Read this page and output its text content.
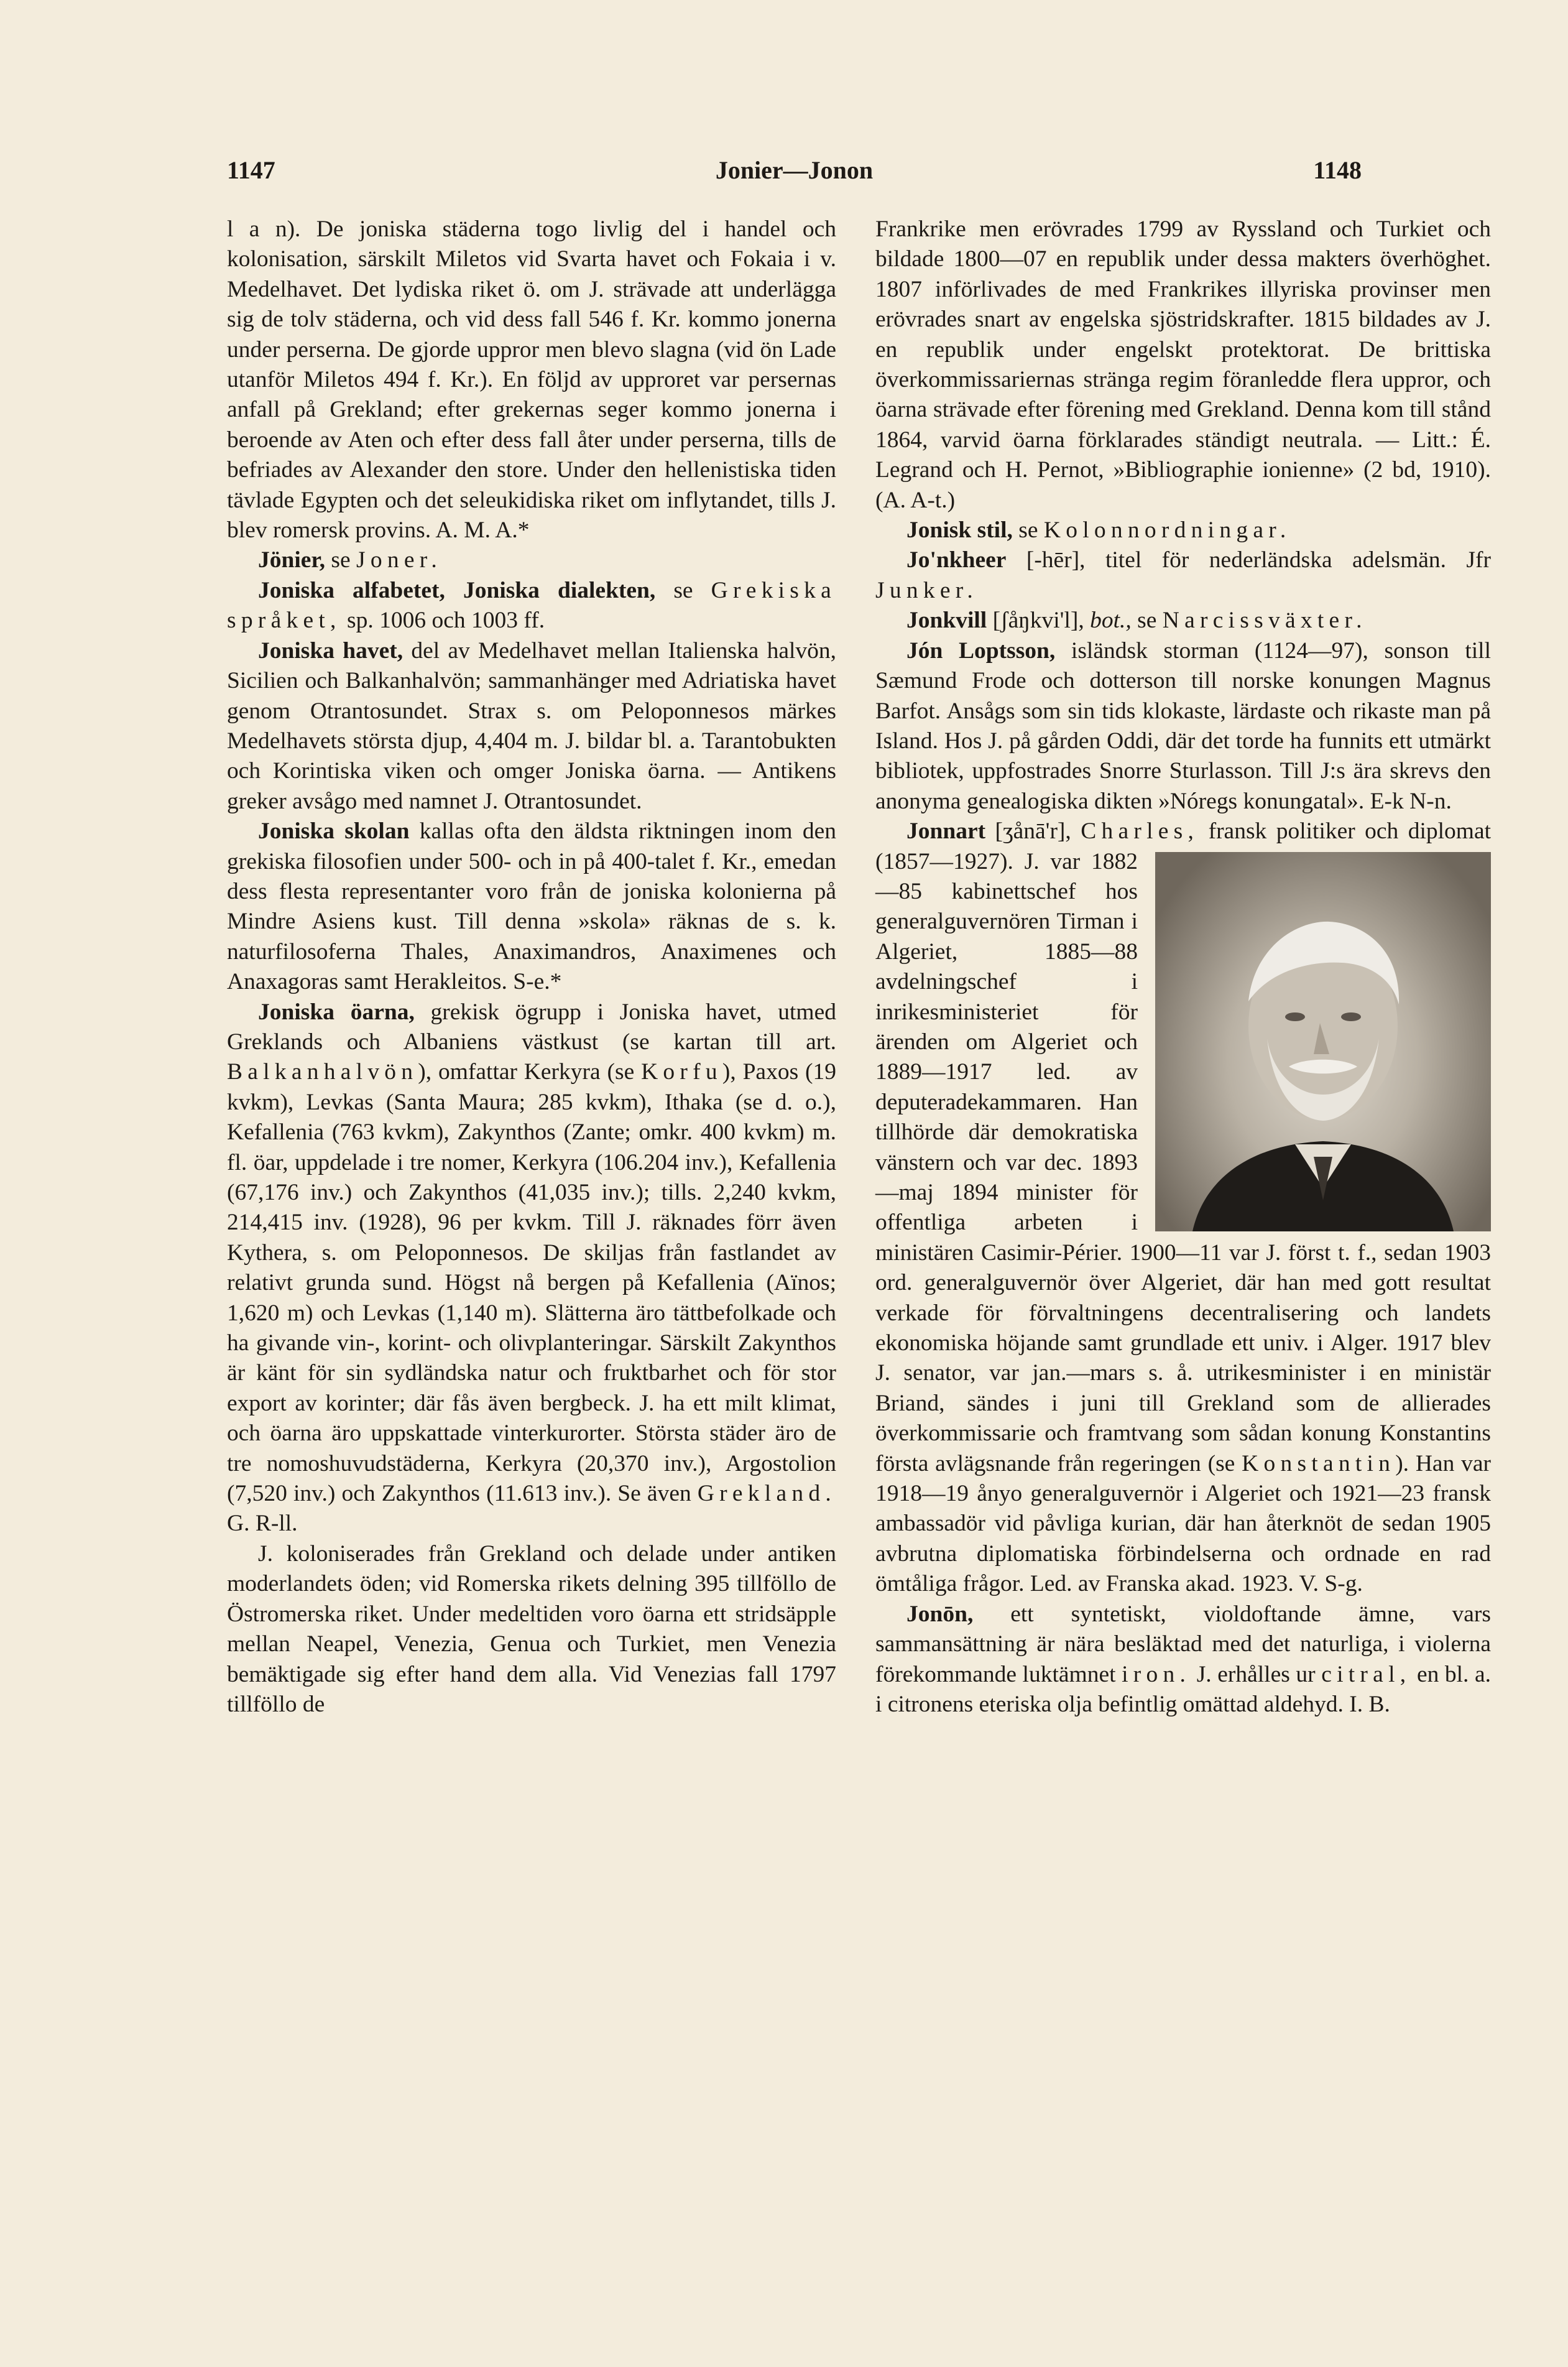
1147	Jonier—Jonon	1148

l a n). De joniska städerna togo livlig del i handel och kolonisation, särskilt Miletos vid Svarta havet och Fokaia i v. Medelhavet. Det lydiska riket ö. om J. strävade att underlägga sig de tolv städerna, och vid dess fall 546 f. Kr. kommo jonerna under perserna. De gjorde uppror men blevo slagna (vid ön Lade utanför Miletos 494 f. Kr.). En följd av upproret var persernas anfall på Grekland; efter grekernas seger kommo jonerna i beroende av Aten och efter dess fall åter under perserna, tills de befriades av Alexander den store. Under den hellenistiska tiden tävlade Egypten och det seleukidiska riket om inflytandet, tills J. blev romersk provins. A. M. A.*

Jönier, se Joner.

Joniska alfabetet, Joniska dialekten, se Grekiska språket, sp. 1006 och 1003 ff.

Joniska havet, del av Medelhavet mellan Italienska halvön, Sicilien och Balkanhalvön; sammanhänger med Adriatiska havet genom Otrantosundet. Strax s. om Peloponnesos märkes Medelhavets största djup, 4,404 m. J. bildar bl. a. Tarantobukten och Korintiska viken och omger Joniska öarna. — Antikens greker avsågo med namnet J. Otrantosundet.

Joniska skolan kallas ofta den äldsta riktningen inom den grekiska filosofien under 500- och in på 400-talet f. Kr., emedan dess flesta representanter voro från de joniska kolonierna på Mindre Asiens kust. Till denna »skola» räknas de s. k. naturfilosoferna Thales, Anaximandros, Anaximenes och Anaxagoras samt Herakleitos. S-e.*

Joniska öarna, grekisk ögrupp i Joniska havet, utmed Greklands och Albaniens västkust (se kartan till art. Balkanhalvön), omfattar Kerkyra (se Korfu), Paxos (19 kvkm), Levkas (Santa Maura; 285 kvkm), Ithaka (se d. o.), Kefallenia (763 kvkm), Zakynthos (Zante; omkr. 400 kvkm) m. fl. öar, uppdelade i tre nomer, Kerkyra (106.204 inv.), Kefallenia (67,176 inv.) och Zakynthos (41,035 inv.); tills. 2,240 kvkm, 214,415 inv. (1928), 96 per kvkm. Till J. räknades förr även Kythera, s. om Peloponnesos. De skiljas från fastlandet av relativt grunda sund. Högst nå bergen på Kefallenia (Aïnos; 1,620 m) och Levkas (1,140 m). Slätterna äro tättbefolkade och ha givande vin-, korint- och olivplanteringar. Särskilt Zakynthos är känt för sin sydländska natur och fruktbarhet och för stor export av korinter; där fås även bergbeck. J. ha ett milt klimat, och öarna äro uppskattade vinterkurorter. Största städer äro de tre nomoshuvudstäderna, Kerkyra (20,370 inv.), Argostolion (7,520 inv.) och Zakynthos (11.613 inv.). Se även Grekland. G. R-ll.

J. koloniserades från Grekland och delade under antiken moderlandets öden; vid Romerska rikets delning 395 tillföllo de Östromerska riket. Under medeltiden voro öarna ett stridsäpple mellan Neapel, Venezia, Genua och Turkiet, men Venezia bemäktigade sig efter hand dem alla. Vid Venezias fall 1797 tillföllo de

Frankrike men erövrades 1799 av Ryssland och Turkiet och bildade 1800—07 en republik under dessa makters överhöghet. 1807 införlivades de med Frankrikes illyriska provinser men erövrades snart av engelska sjöstridskrafter. 1815 bildades av J. en republik under engelskt protektorat. De brittiska överkommissariernas stränga regim föranledde flera uppror, och öarna strävade efter förening med Grekland. Denna kom till stånd 1864, varvid öarna förklarades ständigt neutrala. — Litt.: É. Legrand och H. Pernot, »Bibliographie ionienne» (2 bd, 1910). (A. A-t.)

Jonisk stil, se Kolonnordningar.

Jo'nkheer [-hēr], titel för nederländska adelsmän. Jfr Junker.

Jonkvill [ʃåŋkvi'l], bot., se Narcissväxter.

Jón Loptsson, isländsk storman (1124—97), sonson till Sæmund Frode och dotterson till norske konungen Magnus Barfot. Ansågs som sin tids klokaste, lärdaste och rikaste man på Island. Hos J. på gården Oddi, där det torde ha funnits ett utmärkt bibliotek, uppfostrades Snorre Sturlasson. Till J:s ära skrevs den anonyma genealogiska dikten »Nóregs konungatal». E-k N-n.

Jonnart [ʒånā'r], Charles, fransk politiker och diplomat (1857—1927). J. var 1882 —85 kabinettschef hos generalguvernören Tirman i Algeriet, 1885—88 avdelningschef i inrikesministeriet för ärenden om Algeriet och 1889—1917 led. av deputeradekammaren. Han tillhörde där demokratiska vänstern och var dec. 1893—maj 1894 minister för offentliga arbeten i ministären Casimir-Périer. 1900—11 var J. först t. f., sedan 1903 ord. generalguvernör över Algeriet, där han med gott resultat verkade för förvaltningens decentralisering och landets ekonomiska höjande samt grundlade ett univ. i Alger. 1917 blev J. senator, var jan.—mars s. å. utrikesminister i en ministär Briand, sändes i juni till Grekland som de allierades överkommissarie och framtvang som sådan konung Konstantins första avlägsnande från regeringen (se Konstantin). Han var 1918—19 ånyo generalguvernör i Algeriet och 1921—23 fransk ambassadör vid påvliga kurian, där han återknöt de sedan 1905 avbrutna diplomatiska förbindelserna och ordnade en rad ömtåliga frågor. Led. av Franska akad. 1923. V. S-g.

Jonōn, ett syntetiskt, violdoftande ämne, vars sammansättning är nära besläktad med det naturliga, i violerna förekommande luktämnet iron. J. erhålles ur citral, en bl. a. i citronens eteriska olja befintlig omättad aldehyd. I. B.
